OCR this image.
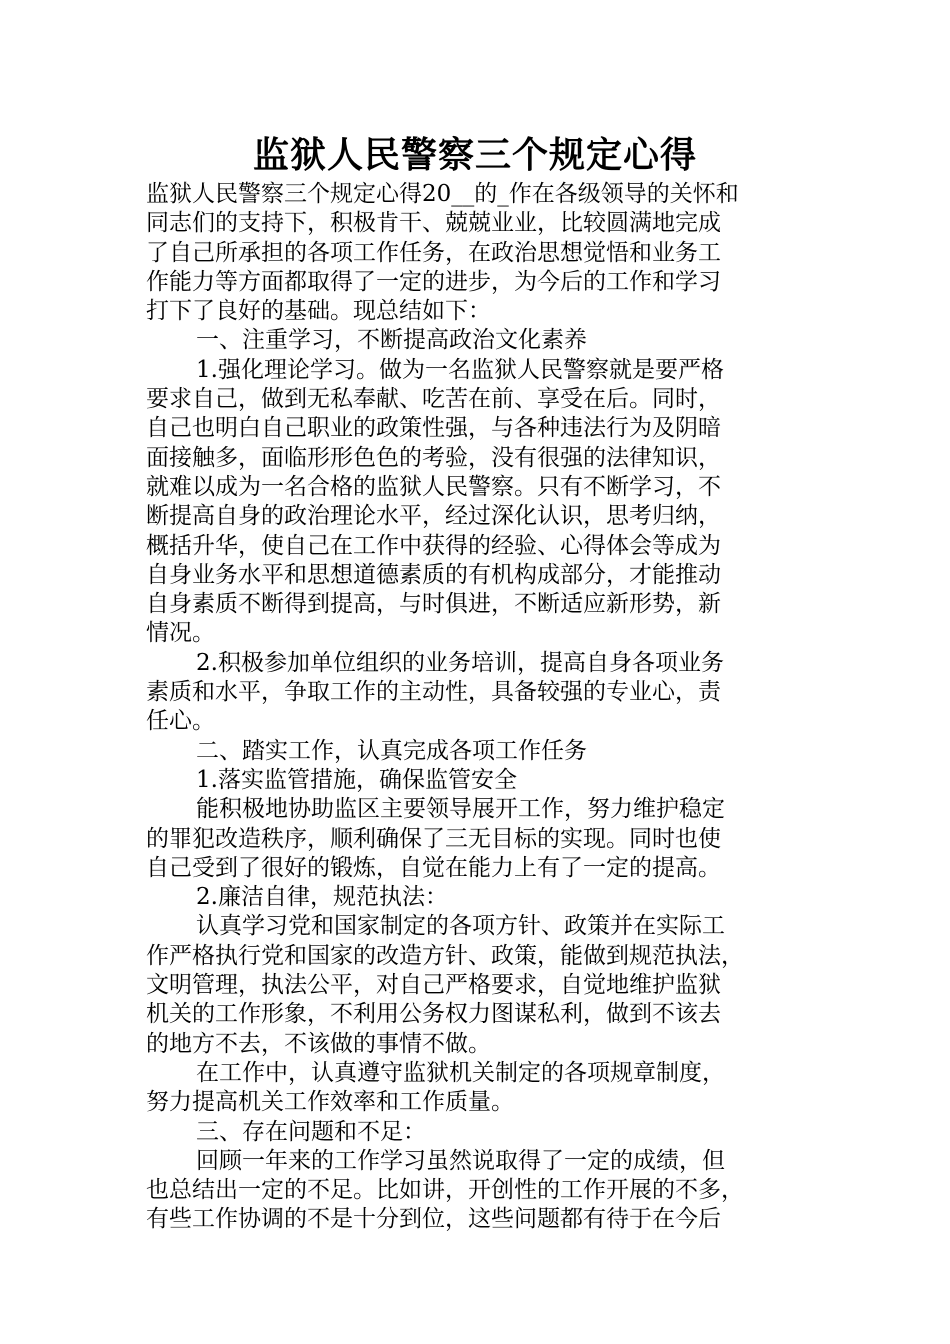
监狱人民警察三个规定心得
监狱人民警察三个规定心得20__的_作在各级领导的关怀和
同志们的支持下，积极肯干、兢兢业业，比较圆满地完成
了自己所承担的各项工作任务，在政治思想觉悟和业务工
作能力等方面都取得了一定的进步，为今后的工作和学习
打下了良好的基础。现总结如下：
一、注重学习，不断提高政治文化素养
1.强化理论学习。做为一名监狱人民警察就是要严格
要求自己，做到无私奉献、吃苦在前、享受在后。同时，
自己也明白自己职业的政策性强，与各种违法行为及阴暗
面接触多，面临形形色色的考验，没有很强的法律知识，
就难以成为一名合格的监狱人民警察。只有不断学习，不
断提高自身的政治理论水平，经过深化认识，思考归纳，
概括升华，使自己在工作中获得的经验、心得体会等成为
自身业务水平和思想道德素质的有机构成部分，才能推动
自身素质不断得到提高，与时俱进，不断适应新形势，新
情况。
2.积极参加单位组织的业务培训，提高自身各项业务
素质和水平，争取工作的主动性，具备较强的专业心，责
任心。
二、踏实工作，认真完成各项工作任务
1.落实监管措施，确保监管安全
能积极地协助监区主要领导展开工作，努力维护稳定
的罪犯改造秩序，顺利确保了三无目标的实现。同时也使
自己受到了很好的锻炼，自觉在能力上有了一定的提高。
2.廉洁自律，规范执法：
认真学习党和国家制定的各项方针、政策并在实际工
作严格执行党和国家的改造方针、政策，能做到规范执法，
文明管理，执法公平，对自己严格要求，自觉地维护监狱
机关的工作形象，不利用公务权力图谋私利，做到不该去
的地方不去，不该做的事情不做。
在工作中，认真遵守监狱机关制定的各项规章制度，
努力提高机关工作效率和工作质量。
三、存在问题和不足：
回顾一年来的工作学习虽然说取得了一定的成绩，但
也总结出一定的不足。比如讲，开创性的工作开展的不多，
有些工作协调的不是十分到位，这些问题都有待于在今后
